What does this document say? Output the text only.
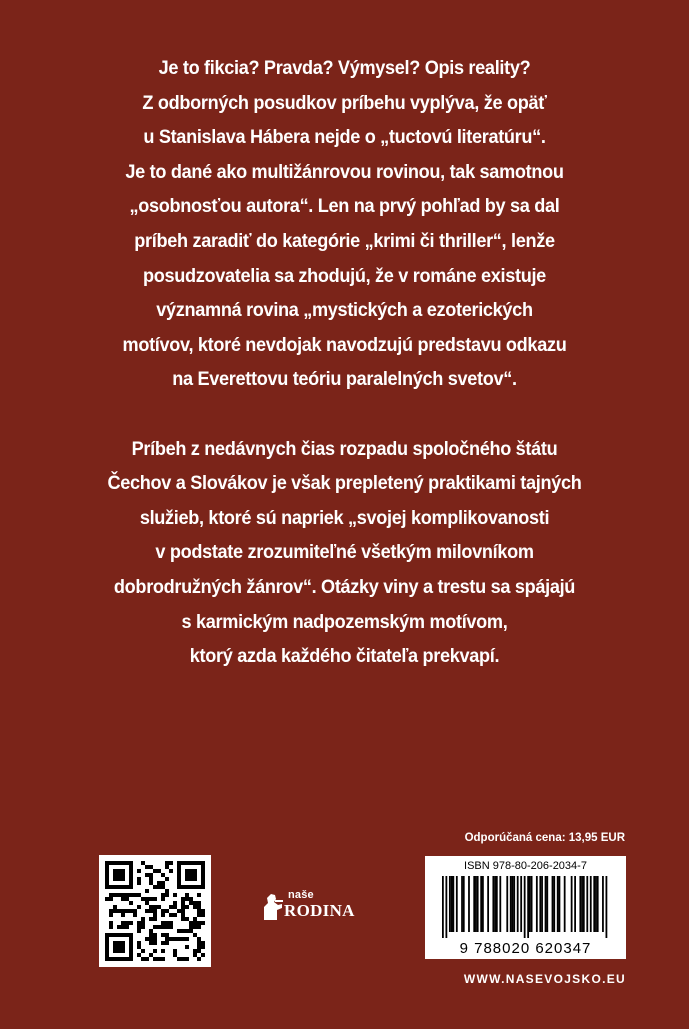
Je to fikcia? Pravda? Výmysel? Opis reality?
Z odborných posudkov príbehu vyplýva, že opäť
u Stanislava Hábera nejde o „tuctovú literatúru“.
Je to dané ako multižánrovou rovinou, tak samotnou
„osobnosťou autora“. Len na prvý pohľad by sa dal
príbeh zaradiť do kategórie „krimi či thriller“, lenže
posudzovatelia sa zhodujú, že v románe existuje
významná rovina „mystických a ezoterických
motívov, ktoré nevdojak navodzujú predstavu odkazu
na Everettovu teóriu paralelných svetov“.

Príbeh z nedávnych čias rozpadu spoločného štátu
Čechov a Slovákov je však prepletený praktikami tajných
služieb, ktoré sú napriek „svojej komplikovanosti
v podstate zrozumiteľné všetkým milovníkom
dobrodružných žánrov“. Otázky viny a trestu sa spájajú
s karmickým nadpozemským motívom,
ktorý azda každého čitateľa prekvapí.

naše
RODINA
Odporúčaná cena: 13,95 EUR
ISBN 978-80-206-2034-7
9 788020 620347
WWW.NASEVOJSKO.EU
